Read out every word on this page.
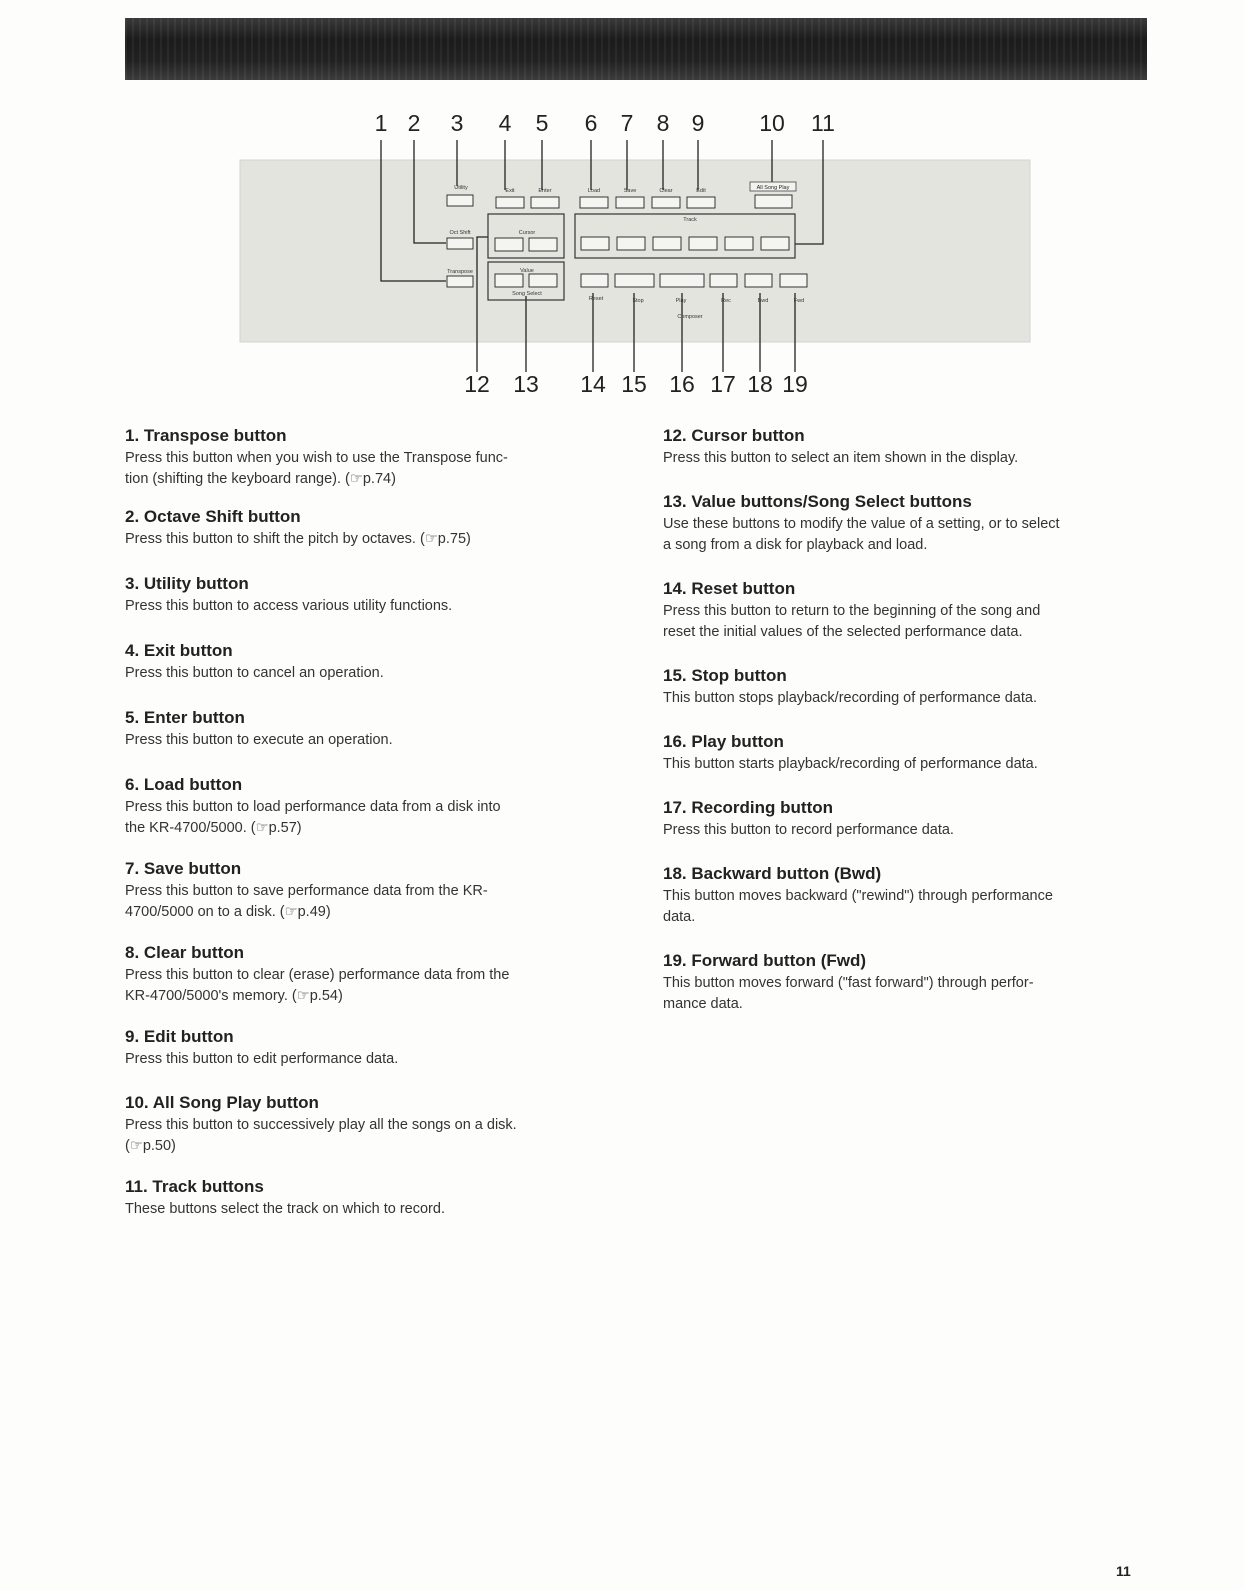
1 2 3 4 5 6 7 8 9 10 11
12 13 14 15 16 17 18 19
Utility	Exit	Enter	Load	Save	Clear	Edit
Oct Shift
Transpose
Cursor
Track
Value
Song Select
Composer
Reset	Stop	Play	Rec	Bwd	Fwd
All Song Play
1. Transpose button

Press this button when you wish to use the Transpose func-
tion (shifting the keyboard range). (☞p.74)

2. Octave Shift button

Press this button to shift the pitch by octaves. (☞p.75)

3. Utility button

Press this button to access various utility functions.

4. Exit button

Press this button to cancel an operation.

5. Enter button

Press this button to execute an operation.

6. Load button

Press this button to load performance data from a disk into
the KR-4700/5000. (☞p.57)

7. Save button

Press this button to save performance data from the KR-
4700/5000 on to a disk. (☞p.49)

8. Clear button

Press this button to clear (erase) performance data from the
KR-4700/5000's memory. (☞p.54)

9. Edit button

Press this button to edit performance data.

10. All Song Play button

Press this button to successively play all the songs on a disk.
(☞p.50)

11. Track buttons

These buttons select the track on which to record.

12. Cursor button

Press this button to select an item shown in the display.

13. Value buttons/Song Select buttons

Use these buttons to modify the value of a setting, or to select
a song from a disk for playback and load.

14. Reset button

Press this button to return to the beginning of the song and
reset the initial values of the selected performance data.

15. Stop button

This button stops playback/recording of performance data.

16. Play button

This button starts playback/recording of performance data.

17. Recording button

Press this button to record performance data.

18. Backward button (Bwd)

This button moves backward ("rewind") through performance
data.

19. Forward button (Fwd)

This button moves forward ("fast forward") through perfor-
mance data.

11
